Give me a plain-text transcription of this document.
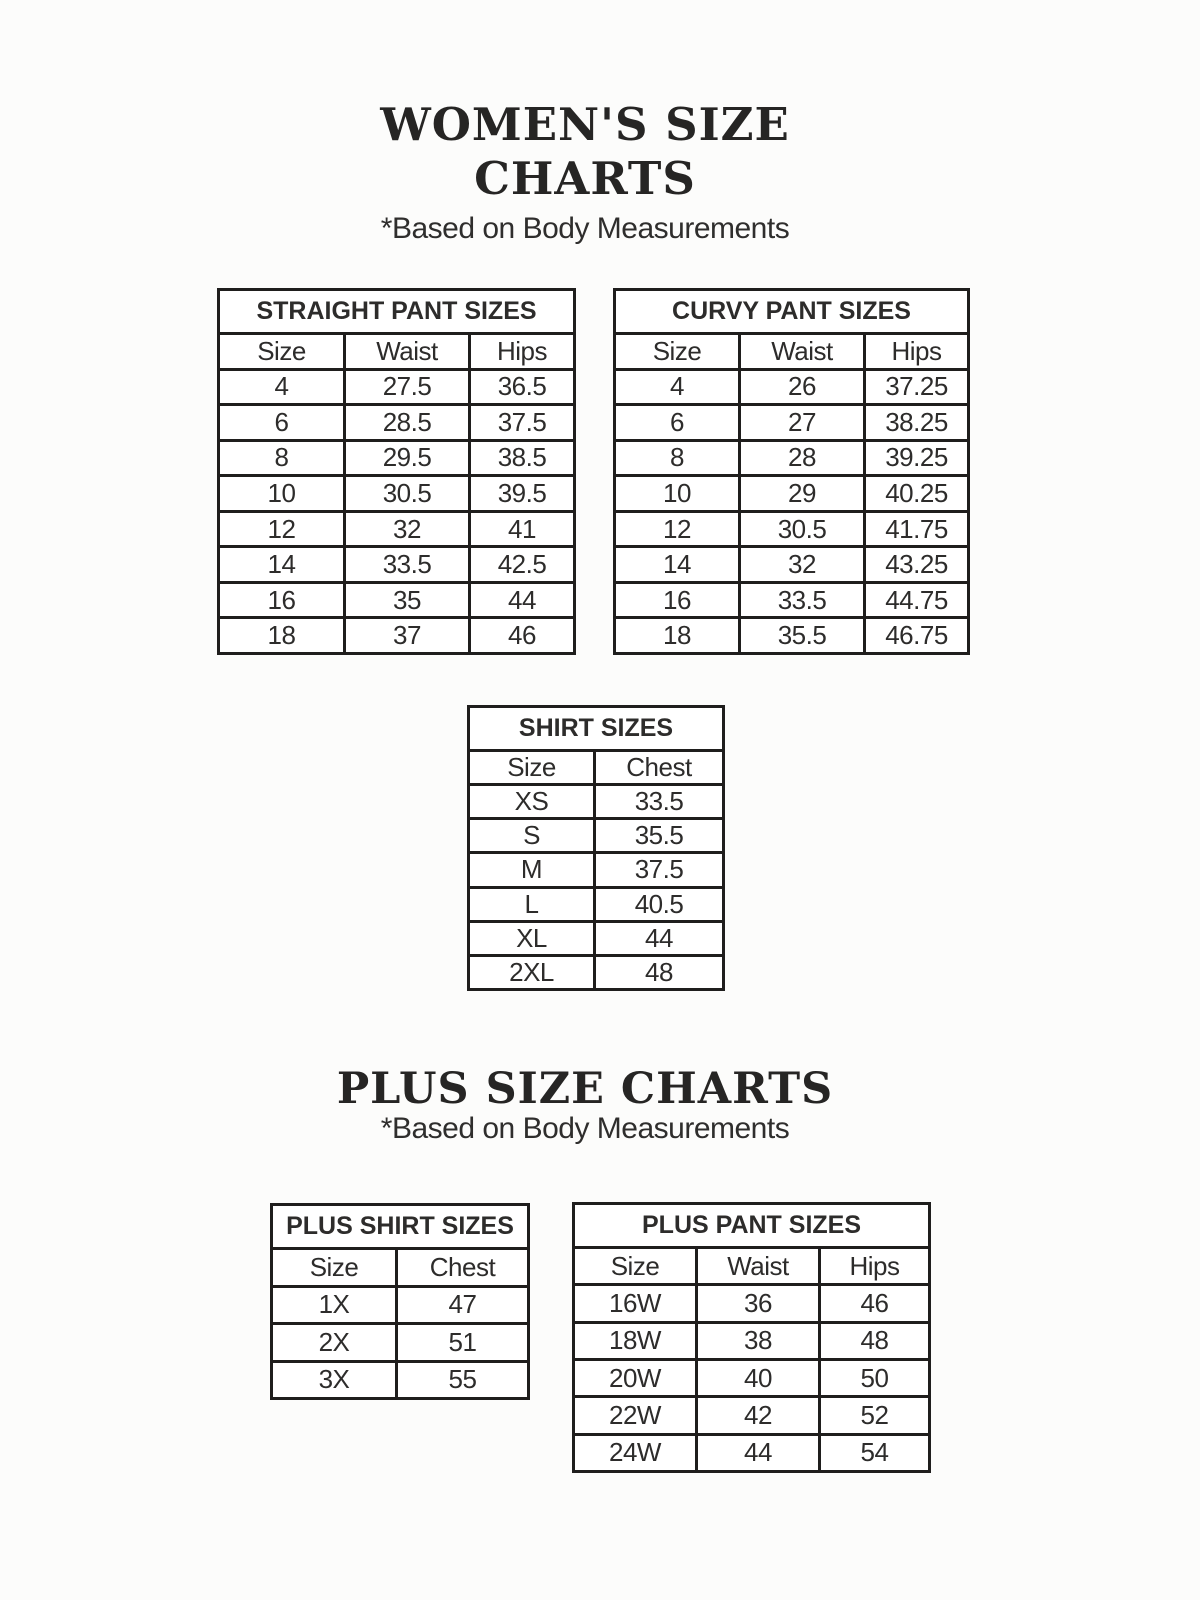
WOMEN'S SIZE
CHARTS
*Based on Body Measurements
STRAIGHT PANT SIZES		
Size	Waist	Hips
4	27.5	36.5
6	28.5	37.5
8	29.5	38.5
10	30.5	39.5
12	32	41
14	33.5	42.5
16	35	44
18	37	46
CURVY PANT SIZES		
Size	Waist	Hips
4	26	37.25
6	27	38.25
8	28	39.25
10	29	40.25
12	30.5	41.75
14	32	43.25
16	33.5	44.75
18	35.5	46.75
SHIRT SIZES	
Size	Chest
XS	33.5
S	35.5
M	37.5
L	40.5
XL	44
2XL	48
PLUS SIZE CHARTS
*Based on Body Measurements
PLUS SHIRT SIZES	
Size	Chest
1X	47
2X	51
3X	55
PLUS PANT SIZES		
Size	Waist	Hips
16W	36	46
18W	38	48
20W	40	50
22W	42	52
24W	44	54
